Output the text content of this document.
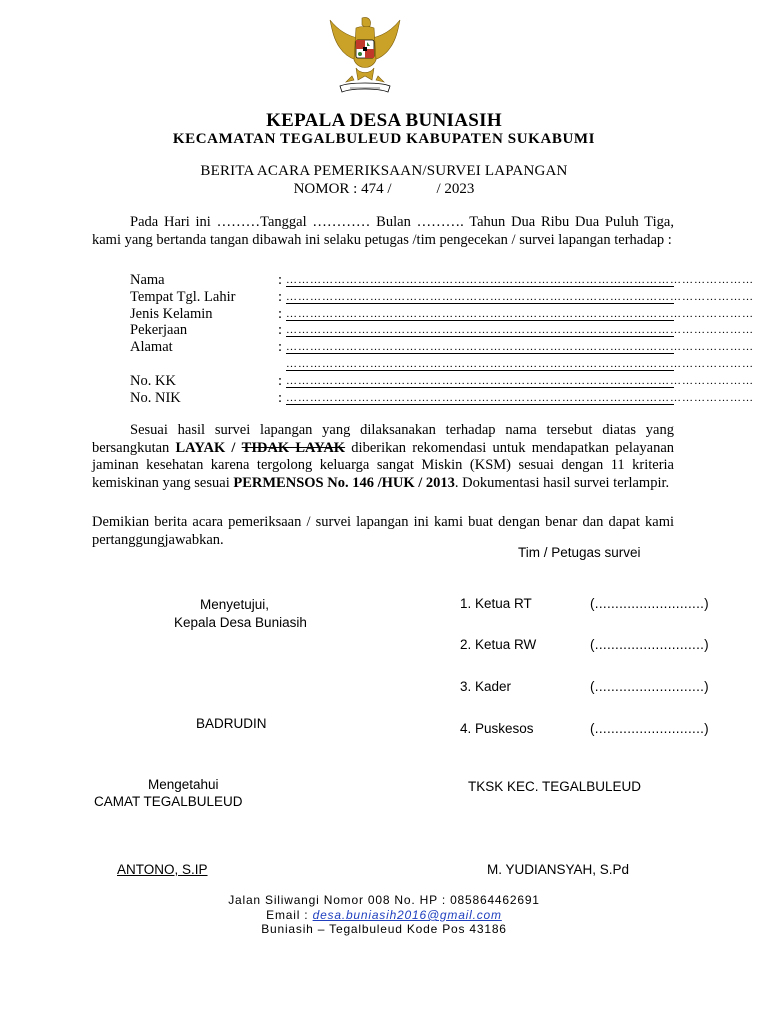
KEPALA DESA BUNIASIH
KECAMATAN TEGALBULEUD KABUPATEN SUKABUMI
BERITA ACARA PEMERIKSAAN/SURVEI LAPANGAN
NOMOR : 474 /            / 2023
Pada Hari ini ………Tanggal ………… Bulan ………. Tahun Dua Ribu Dua Puluh Tiga, kami yang bertanda tangan dibawah ini selaku petugas /tim pengecekan / survei lapangan terhadap :
Nama	: ………………………………………………………………………………………………………
Tempat Tgl. Lahir	: ………………………………………………………………………………………………………
Jenis Kelamin	: ………………………………………………………………………………………………………
Pekerjaan	: ………………………………………………………………………………………………………
Alamat	: ………………………………………………………………………………………………………
………………………………………………………………………………………………………
No. KK	: ………………………………………………………………………………………………………
No. NIK	: ………………………………………………………………………………………………………
Sesuai hasil survei lapangan yang dilaksanakan terhadap nama tersebut diatas yang bersangkutan LAYAK / TIDAK LAYAK diberikan rekomendasi untuk mendapatkan pelayanan jaminan kesehatan karena tergolong keluarga sangat Miskin (KSM) sesuai dengan 11 kriteria kemiskinan yang sesuai PERMENSOS No. 146 /HUK / 2013. Dokumentasi hasil survei terlampir.
Demikian berita acara pemeriksaan / survei lapangan ini kami buat dengan benar dan dapat kami pertanggungjawabkan.
Tim / Petugas survei
1. Ketua RT	(...........................)
2. Ketua RW	(...........................)
3. Kader	(...........................)
4. Puskesos	(...........................)
Menyetujui,
Kepala Desa Buniasih
BADRUDIN
Mengetahui
CAMAT TEGALBULEUD
ANTONO, S.IP
TKSK KEC. TEGALBULEUD
M. YUDIANSYAH, S.Pd
Jalan Siliwangi Nomor 008 No. HP : 085864462691
Email : desa.buniasih2016@gmail.com
Buniasih – Tegalbuleud Kode Pos 43186
